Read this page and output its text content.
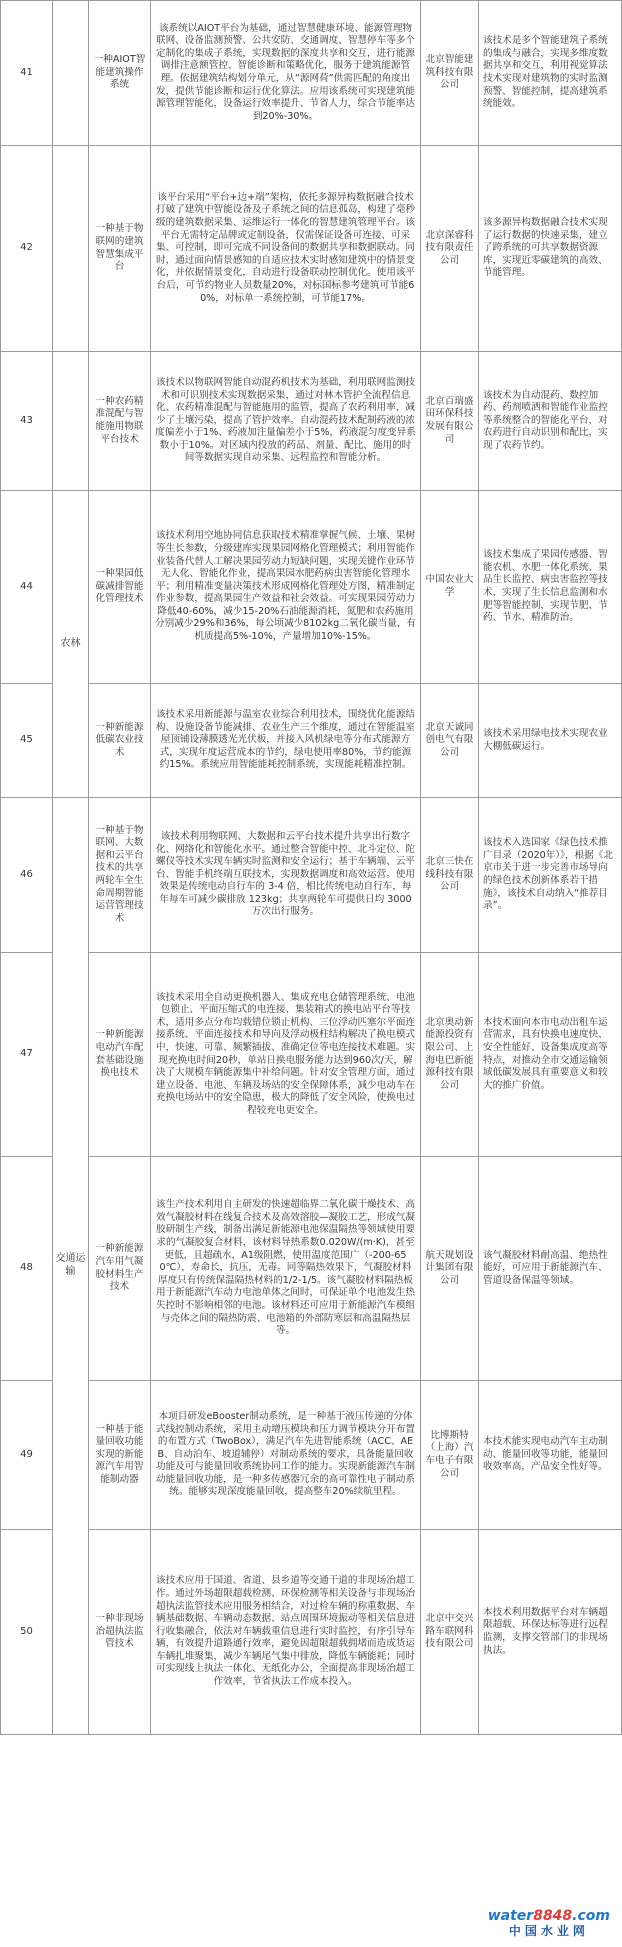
41		一种AIOT智能建筑操作系统	该系统以AIOT平台为基础，通过智慧健康环境、能源管理物联网、设备监测预警、公共安防、交通调度、智慧停车等多个定制化的集成子系统，实现数据的深度共享和交互，进行能源调排注意额管控、智能诊断和策略优化，服务于建筑能源管理。依据建筑结构划分单元，从“源网荷”供需匹配的角度出发，提供节能诊断和运行优化算法。应用该系统可实现建筑能源管理智能化，设备运行效率提升、节省人力，综合节能率达到20%-30%。	北京智能建筑科技有限公司	该技术是多个智能建筑子系统的集成与融合，实现多维度数据共享和交互，利用视觉算法技术实现对建筑物的实时监测预警、智能控制，提高建筑系统能效。
42		一种基于物联网的建筑智慧集成平台	该平台采用“平台+边+端”架构，依托多源异构数据融合技术打破了建筑中智能设备及子系统之间的信息孤岛，构建了毫秒级的建筑数据采集、运维运行一体化的智慧建筑管理平台。该平台无需特定品牌或定制设备，仅需保证设备可连接、可采集、可控制，即可完成不同设备间的数据共享和数据联动。同时，通过面向情景感知的自适应技术实时感知建筑中的情景变化，并依据情景变化，自动进行设备联动控制优化。使用该平台后，可节约物业人员数量20%，对标国标参考建筑可节能60%，对标单一系统控制，可节能17%。	北京深睿科技有限责任公司	该多源异构数据融合技术实现了运行数据的快速采集，建立了跨系统的可共享数据资源库，实现近零碳建筑的高效、节能管理。
43		一种农药精准混配与智能施用物联平台技术	该技术以物联网智能自动混药机技术为基础，利用联网监测技术和可识别技术实现数据采集，通过对林木管护全流程信息化、农药精准混配与智能施用的监管，提高了农药利用率，减少了土壤污染，提高了管护效率。自动混药技术配制药液的浓度偏差小于1%、药液加注量偏差小于5%，药液混匀度变异系数小于10%。对区域内投放的药品、剂量、配比、施用的时间等数据实现自动采集、远程监控和智能分析。	北京百瑞盛田环保科技发展有限公司	该技术为自动混药、数控加药、药剂喷洒和智能作业监控等系统整合的智能化平台，对农药进行自动识别和配比，实现了农药节约。
44	农林	一种果园低碳减排智能化管理技术	该技术利用空地协同信息获取技术精准掌握气候、土壤、果树等生长参数，分级建库实现果园网格化管理模式；利用智能作业装备代替人工解决果园劳动力短缺问题，实现关键作业环节无人化、智能化作业，提高果园水肥药病虫害智能化管理水平；利用精准变量决策技术形成网格化管理处方图，精准制定作业参数，提高果园生产效益和社会效益。可实现果园劳动力降低40-60%，减少15-20%石油能源消耗，氮肥和农药施用分别减少29%和36%，每公顷减少8102kg二氧化碳当量，有机质提高5%-10%，产量增加10%-15%。	中国农业大学	该技术集成了果园传感器、智能农机、水肥一体化系统、果品生长监控、病虫害监控等技术，实现了生长信息监测和水肥等智能控制，实现节肥、节药、节水、精准防治。
45		一种新能源低碳农业技术	该技术采用新能源与温室农业综合利用技术，围绕优化能源结构、设施设备节能减排、农业生产三个维度，通过在智能温室屋顶铺设薄膜透光光伏板，并接入风机绿电等分布式能源方式，实现年度运营成本的节约，绿电使用率80%，节约能源约15%。系统应用智能能耗控制系统，实现能耗精准控制。	北京天诚同创电气有限公司	该技术采用绿电技术实现农业大棚低碳运行。
46	交通运输	一种基于物联网、大数据和云平台技术的共享两轮车全生命周期智能运营管理技术	该技术利用物联网、大数据和云平台技术提升共享出行数字化、网络化和智能化水平。通过整合智能中控、北斗定位、陀螺仪等技术实现车辆实时监测和安全运行；基于车辆端、云平台、智能手机终端互联技术，实现数据调度和高效运营。使用效果是传统电动自行车的 3-4 倍，相比传统电动自行车，每年每车可减少碳排放 123kg；共享两轮车可提供日均 3000 万次出行服务。	北京三快在线科技有限公司	该技术入选国家《绿色技术推广目录（2020年）》，根据《北京市关于进一步完善市场导向的绿色技术创新体系若干措施》，该技术自动纳入“推荐目录”。
47		一种新能源电动汽车配套基础设施换电技术	该技术采用全自动更换机器人、集成充电仓储管理系统、电池包锁止、平面压缩式的电连接、集装箱式的换电站平台等技术，适用多点分布均载错位锁止机构、三位浮动匹塞尔平面连接系统、平面连接技术和导向及浮动极柱结构解决了换电模式中，快速、可靠、频繁插拔、准确定位等电连接技术难题。实现充换电时间20秒，单站日换电服务能力达到960次/天，解决了大规模车辆能源集中补给问题。针对安全管理方面，通过建立设备、电池、车辆及场站的安全保障体系，减少电动车在充换电场站中的安全隐患，极大的降低了安全风险，使换电过程较充电更安全。	北京奥动新能源投资有限公司、上海电巴新能源科技有限公司	本技术面向本市电动出租车运营需求，具有快换电速度快、安全性能好、设备集成度高等特点，对推动全市交通运输领域低碳发展具有重要意义和较大的推广价值。
48		一种新能源汽车用气凝胶材料生产技术	该生产技术利用自主研发的快速超临界二氧化碳干燥技术、高效气凝胶材料在线复合技术及高效溶胶—凝胶工艺，形成气凝胶研制生产线，制备出满足新能源电池保温隔热等领域使用要求的气凝胶复合材料，该材料导热系数0.020W/(m·K)，甚至更低，且超疏水，A1级阻燃，使用温度范围广（-200-650℃），寿命长，抗压，无毒。同等隔热效果下，气凝胶材料厚度只有传统保温隔热材料的1/2-1/5。该气凝胶材料隔热板用于新能源汽车动力电池单体之间时，可保证单个电池发生热失控时不影响相邻的电池。该材料还可应用于新能源汽车模组与壳体之间的隔热防震、电池箱的外部防寒层和高温隔热层等。	航天规划设计集团有限公司	该气凝胶材料耐高温、绝热性能好，可应用于新能源汽车、管道设备保温等领域。
49		一种基于能量回收功能实现的新能源汽车用智能制动器	本项目研发eBooster制动系统，是一种基于液压传递的分体式线控制动系统，采用主动增压模块和压力调节模块分开布置的布置方式（TwoBox），满足汽车先进智能系统（ACC、AEB、自动泊车、坡道辅停）对制动系统的要求，具备能量回收功能及可与能量回收系统协同工作的能力。实现新能源汽车制动能量回收功能，是一种多传感器冗余的高可靠性电子制动系统。能够实现深度能量回收，提高整车20%续航里程。	比博斯特（上海）汽车电子有限公司	本技术能实现电动汽车主动制动、能量回收等功能，能量回收效率高，产品安全性好等。
50		一种非现场治超执法监管技术	该技术应用于国道、省道、县乡道等交通干道的非现场治超工作。通过外场超限超载检测、环保检测等相关设备与非现场治超执法监管技术应用服务相结合，对过检车辆的称重数据、车辆基础数据、车辆动态数据、站点周围环境振动等相关信息进行收集融合，依法对车辆载重信息进行实时监控，有序引导车辆，有效提升道路通行效率，避免因超限超载拥堵而造成货运车辆扎堆聚集，减少车辆尾气集中排放，降低车辆能耗；同时可实现线上执法一体化、无纸化办公，全面提高非现场治超工作效率，节省执法工作成本投入。	北京中交兴路车联网科技有限公司	本技术利用数据平台对车辆超限超载、环保达标等进行远程监测，支撑交管部门的非现场执法。
water8848.com
中国水业网
